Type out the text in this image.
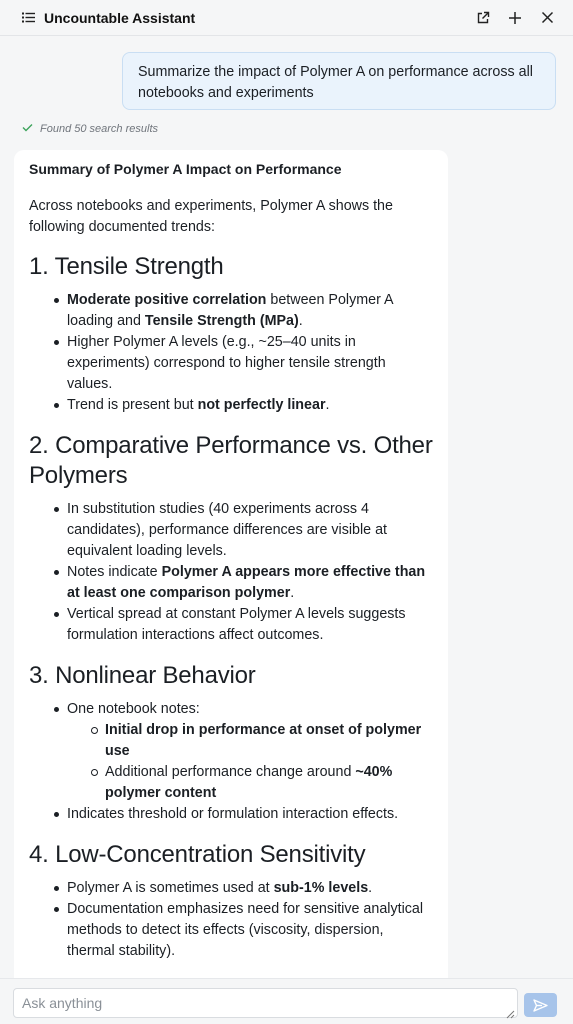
Uncountable Assistant
Summarize the impact of Polymer A on performance across all notebooks and experiments
Found 50 search results
Summary of Polymer A Impact on Performance
Across notebooks and experiments, Polymer A shows the following documented trends:
1. Tensile Strength
Moderate positive correlation between Polymer A loading and Tensile Strength (MPa).
Higher Polymer A levels (e.g., ~25–40 units in experiments) correspond to higher tensile strength values.
Trend is present but not perfectly linear.
2. Comparative Performance vs. Other Polymers
In substitution studies (40 experiments across 4 candidates), performance differences are visible at equivalent loading levels.
Notes indicate Polymer A appears more effective than at least one comparison polymer.
Vertical spread at constant Polymer A levels suggests formulation interactions affect outcomes.
3. Nonlinear Behavior
One notebook notes:
Initial drop in performance at onset of polymer use
Additional performance change around ~40% polymer content
Indicates threshold or formulation interaction effects.
4. Low-Concentration Sensitivity
Polymer A is sometimes used at sub-1% levels.
Documentation emphasizes need for sensitive analytical methods to detect its effects (viscosity, dispersion, thermal stability).
Ask anything
